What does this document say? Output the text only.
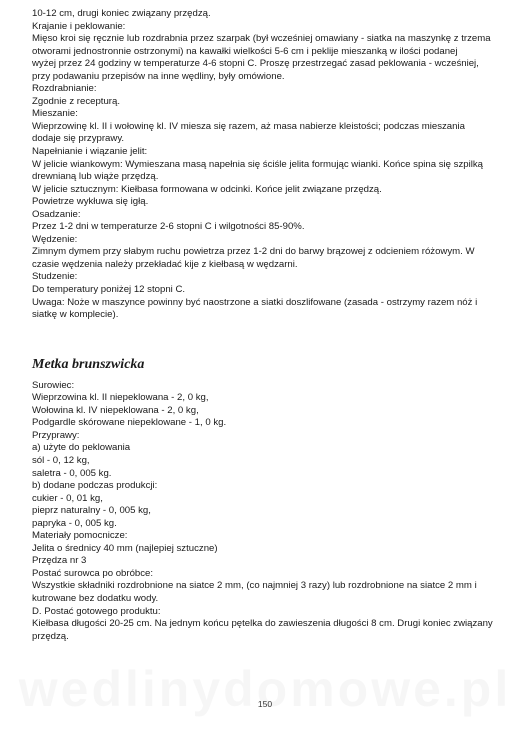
10-12 cm, drugi koniec związany przędzą.
Krajanie i peklowanie:
Mięso kroi się ręcznie lub rozdrabnia przez szarpak (był wcześniej omawiany - siatka na maszynkę z trzema
otworami jednostronnie ostrzonymi) na kawałki wielkości 5-6 cm i peklije mieszanką w ilości podanej
wyżej przez 24 godziny w temperaturze 4-6 stopni C. Proszę przestrzegać zasad peklowania - wcześniej,
przy podawaniu przepisów na inne wędliny, były omówione.
Rozdrabnianie:
Zgodnie z recepturą.
Mieszanie:
Wieprzowinę kl. II i wołowinę kl. IV miesza się razem, aż masa nabierze kleistości; podczas mieszania
dodaje się przyprawy.
Napełnianie i wiązanie jelit:
W jelicie wiankowym: Wymieszana masą napełnia się ściśle jelita formując wianki. Końce spina się szpilką
drewnianą lub wiąże przędzą.
W jelicie sztucznym: Kiełbasa formowana w odcinki. Końce jelit związane przędzą.
Powietrze wykłuwa się igłą.
Osadzanie:
Przez 1-2 dni w temperaturze 2-6 stopni C i wilgotności 85-90%.
Wędzenie:
Zimnym dymem przy słabym ruchu powietrza przez 1-2 dni do barwy brązowej z odcieniem różowym. W
czasie wędzenia należy przekładać kije z kiełbasą w wędzarni.
Studzenie:
Do temperatury poniżej 12 stopni C.
Uwaga: Noże w maszynce powinny być naostrzone a siatki doszlifowane (zasada - ostrzymy razem nóż i
siatkę w komplecie).
Metka brunszwicka
Surowiec:
Wieprzowina kl. II niepeklowana - 2, 0 kg,
Wołowina kl. IV niepeklowana - 2, 0 kg,
Podgardle skórowane niepeklowane - 1, 0 kg.
Przyprawy:
a) użyte do peklowania
sól - 0, 12 kg,
saletra - 0, 005 kg.
b) dodane podczas produkcji:
cukier - 0, 01 kg,
pieprz naturalny - 0, 005 kg,
papryka - 0, 005 kg.
Materiały pomocnicze:
Jelita o średnicy 40 mm (najlepiej sztuczne)
Przędza nr 3
Postać surowca po obróbce:
Wszystkie składniki rozdrobnione na siatce 2 mm, (co najmniej 3 razy) lub rozdrobnione na siatce 2 mm i
kutrowane bez dodatku wody.
D. Postać gotowego produktu:
Kiełbasa długości 20-25 cm. Na jednym końcu pętelka do zawieszenia długości 8 cm. Drugi koniec związany
przędzą.
150
